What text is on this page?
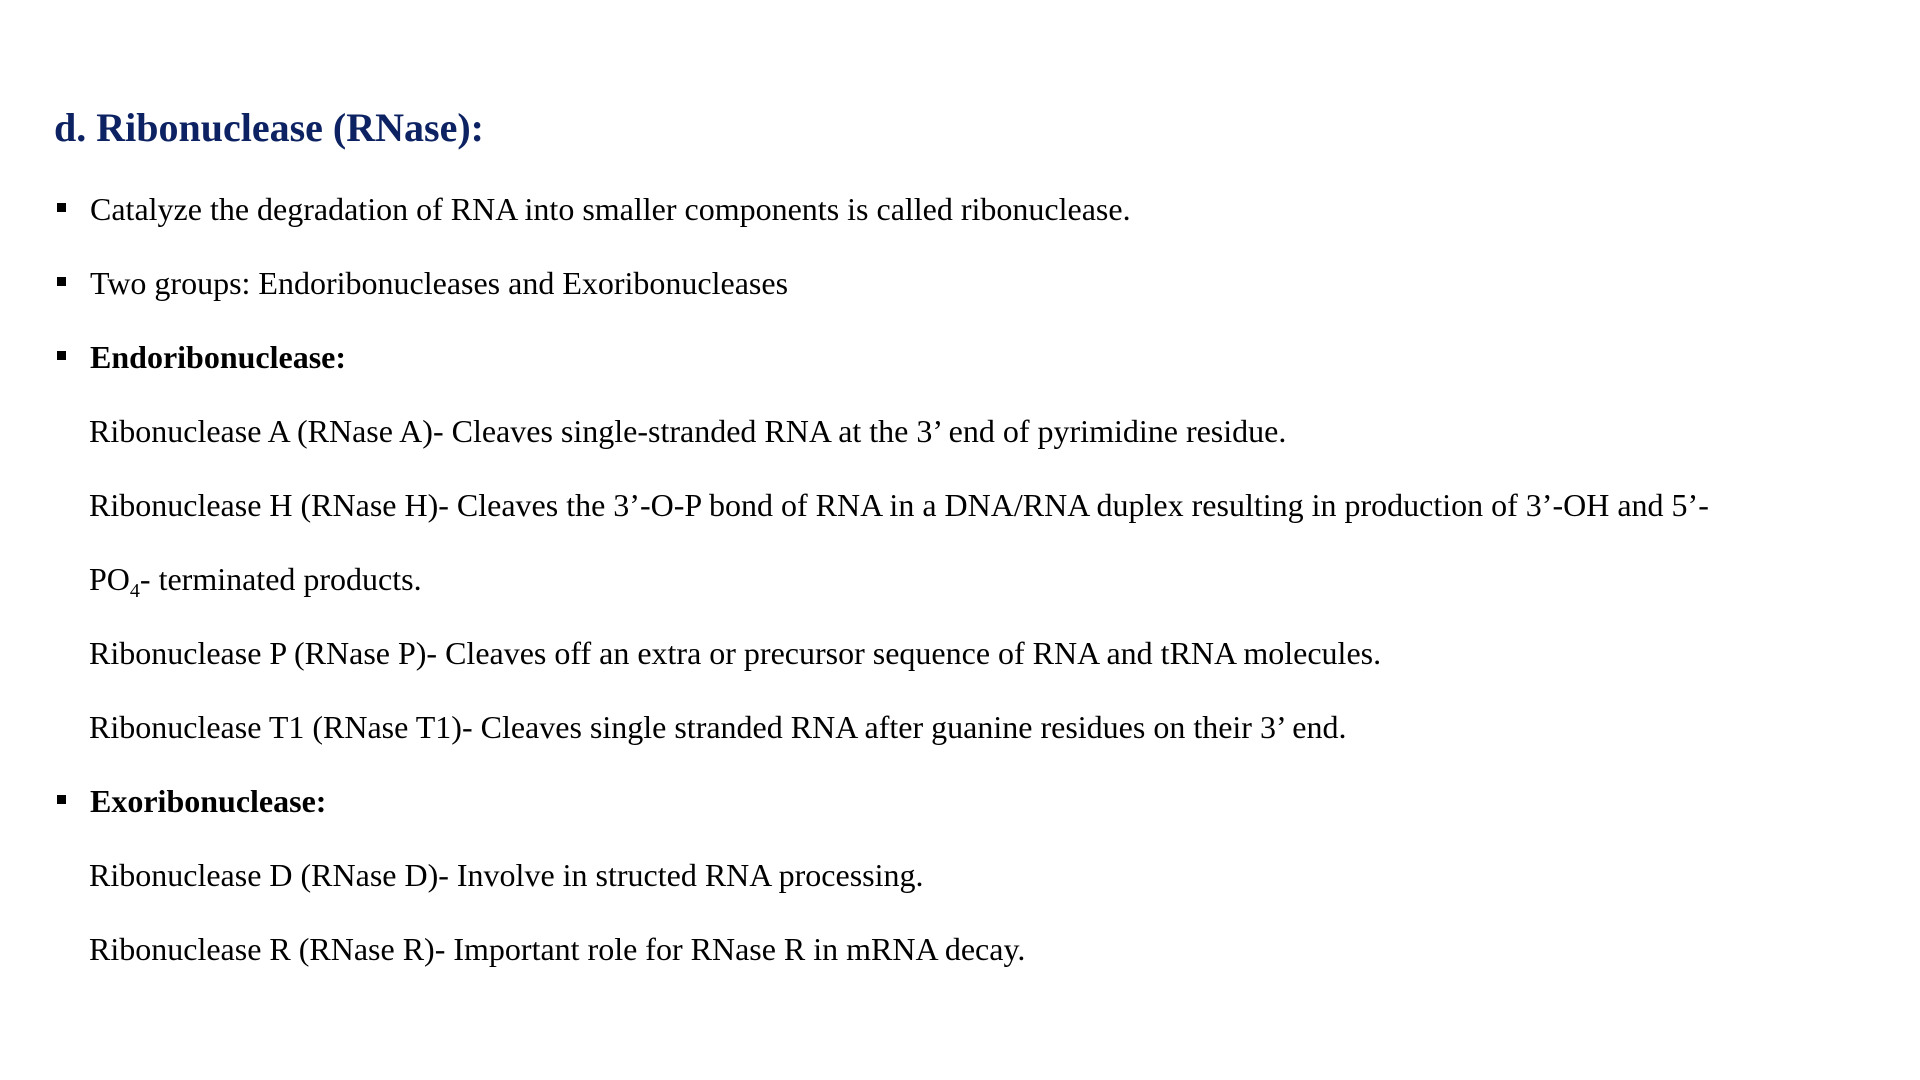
d. Ribonuclease (RNase):
Catalyze the degradation of RNA into smaller components is called ribonuclease.
Two groups: Endoribonucleases and Exoribonucleases
Endoribonuclease:
Ribonuclease A (RNase A)- Cleaves single-stranded RNA at the 3’ end of pyrimidine residue.
Ribonuclease H (RNase H)- Cleaves the 3’-O-P bond of RNA in a DNA/RNA duplex resulting in production of 3’-OH and 5’-
$PO_4-$ terminated products.
Ribonuclease P (RNase P)- Cleaves off an extra or precursor sequence of RNA and tRNA molecules.
Ribonuclease T1 (RNase T1)- Cleaves single stranded RNA after guanine residues on their 3’ end.
Exoribonuclease:
Ribonuclease D (RNase D)- Involve in structed RNA processing.
Ribonuclease R (RNase R)- Important role for RNase R in mRNA decay.
